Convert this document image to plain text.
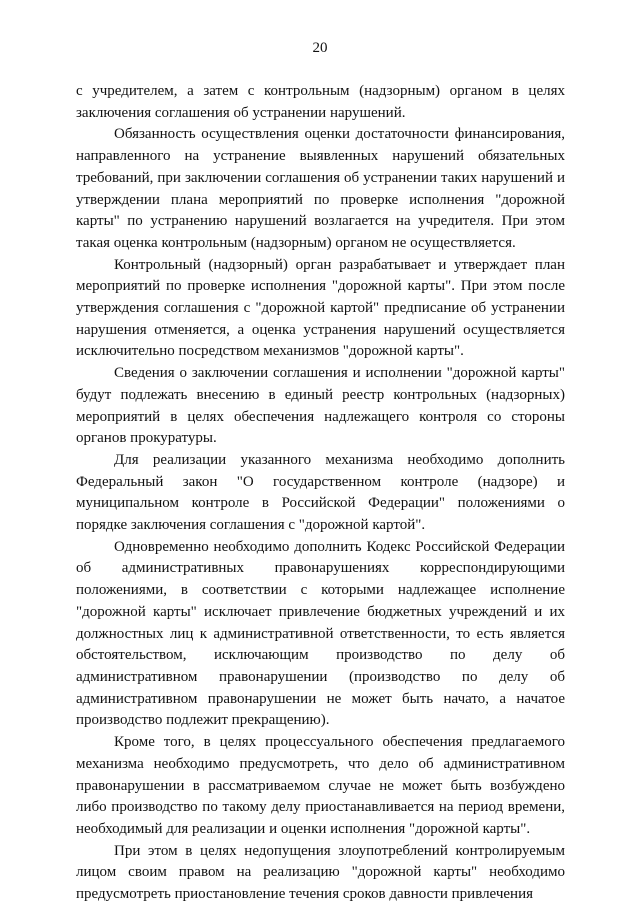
20

с учредителем, а затем с контрольным (надзорным) органом в целях заключения соглашения об устранении нарушений.

Обязанность осуществления оценки достаточности финансирования, направленного на устранение выявленных нарушений обязательных требований, при заключении соглашения об устранении таких нарушений и утверждении плана мероприятий по проверке исполнения "дорожной карты" по устранению нарушений возлагается на учредителя. При этом такая оценка контрольным (надзорным) органом не осуществляется.

Контрольный (надзорный) орган разрабатывает и утверждает план мероприятий по проверке исполнения "дорожной карты". При этом после утверждения соглашения с "дорожной картой" предписание об устранении нарушения отменяется, а оценка устранения нарушений осуществляется исключительно посредством механизмов "дорожной карты".

Сведения о заключении соглашения и исполнении "дорожной карты" будут подлежать внесению в единый реестр контрольных (надзорных) мероприятий в целях обеспечения надлежащего контроля со стороны органов прокуратуры.

Для реализации указанного механизма необходимо дополнить Федеральный закон "О государственном контроле (надзоре) и муниципальном контроле в Российской Федерации" положениями о порядке заключения соглашения с "дорожной картой".

Одновременно необходимо дополнить Кодекс Российской Федерации об административных правонарушениях корреспондирующими положениями, в соответствии с которыми надлежащее исполнение "дорожной карты" исключает привлечение бюджетных учреждений и их должностных лиц к административной ответственности, то есть является обстоятельством, исключающим производство по делу об административном правонарушении (производство по делу об административном правонарушении не может быть начато, а начатое производство подлежит прекращению).

Кроме того, в целях процессуального обеспечения предлагаемого механизма необходимо предусмотреть, что дело об административном правонарушении в рассматриваемом случае не может быть возбуждено либо производство по такому делу приостанавливается на период времени, необходимый для реализации и оценки исполнения "дорожной карты".

При этом в целях недопущения злоупотреблений контролируемым лицом своим правом на реализацию "дорожной карты" необходимо предусмотреть приостановление течения сроков давности привлечения
